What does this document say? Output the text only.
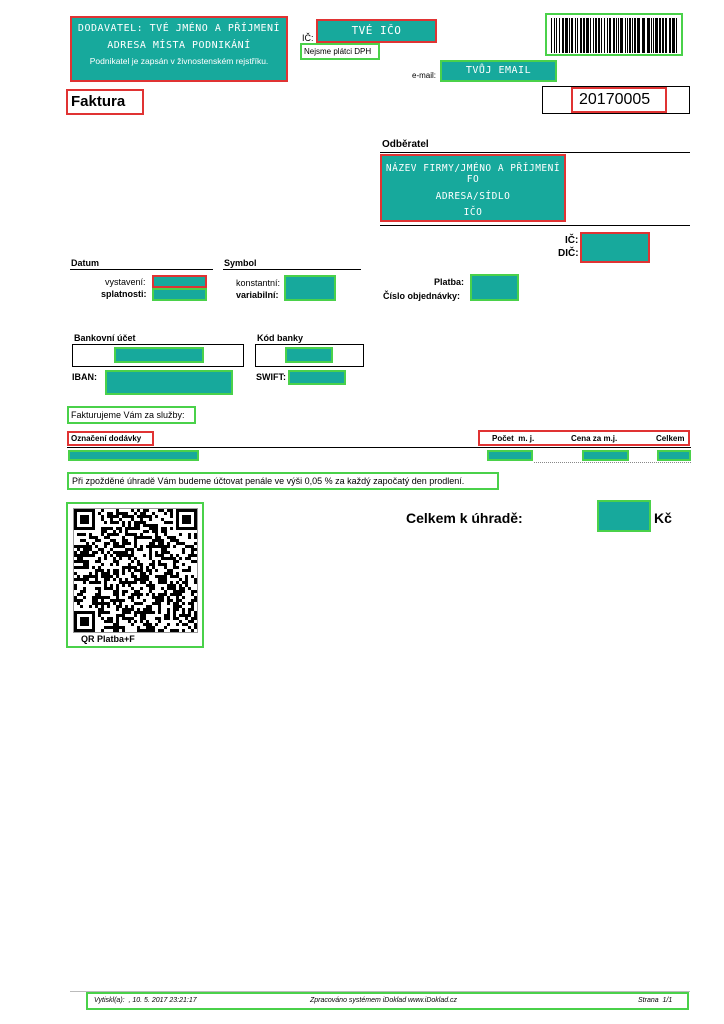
DODAVATEL: TVÉ JMÉNO A PŘÍJMENÍ
ADRESA MÍSTA PODNIKÁNÍ
Podnikatel je zapsán v živnostenském rejstříku.
IČ:
TVÉ IČO
Nejsme plátci DPH
e-mail:	TVŮJ EMAIL
Faktura	20170005
Odběratel
NÁZEV FIRMY/JMÉNO A PŘÍJMENÍ FO
ADRESA/SÍDLO
IČO
IČ:
DIČ:
Datum
vystavení:
splatnosti:
Symbol
konstantní:
variabilní:
Platba:
Číslo objednávky:
Bankovní účet	Kód banky
IBAN:	SWIFT:
Fakturujeme Vám za služby:
Označení dodávky	Počet  m. j.	Cena za m.j.	Celkem
Při zpožděné úhradě Vám budeme účtovat penále ve výši 0,05 % za každý započatý den prodlení.
Celkem k úhradě:	Kč
QR Platba+F
Vytiskl(a):  , 10. 5. 2017 23:21:17	Zpracováno systémem iDoklad www.iDoklad.cz	Strana  1/1
